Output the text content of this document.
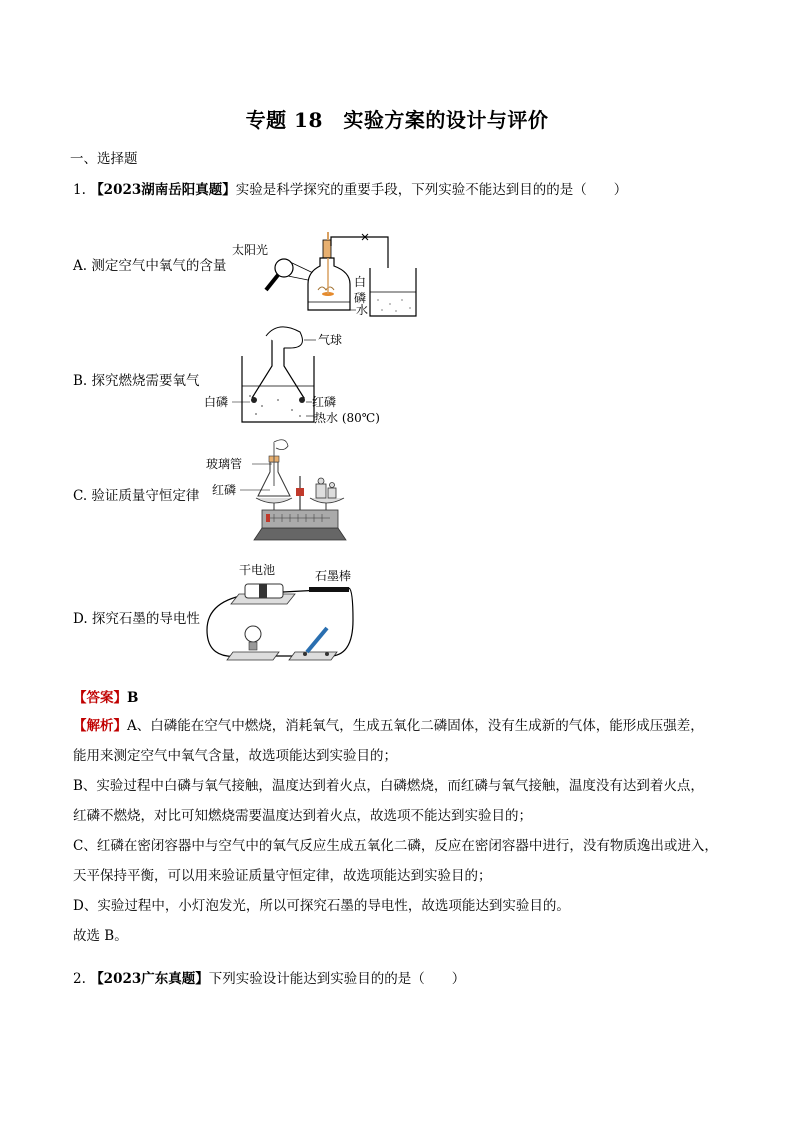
专题 18　实验方案的设计与评价
一、选择题
1. 【2023湖南岳阳真题】实验是科学探究的重要手段，下列实验不能达到目的的是（　　）
A. 测定空气中氧气的含量
太阳光
白
磷
水
B. 探究燃烧需要氧气
气球
白磷	红磷
热水 (80℃)
C. 验证质量守恒定律
玻璃管
红磷
D. 探究石墨的导电性
干电池	石墨棒
【答案】B
【解析】A、白磷能在空气中燃烧，消耗氧气，生成五氧化二磷固体，没有生成新的气体，能形成压强差，
能用来测定空气中氧气含量，故选项能达到实验目的；
B、实验过程中白磷与氧气接触，温度达到着火点，白磷燃烧，而红磷与氧气接触，温度没有达到着火点，
红磷不燃烧，对比可知燃烧需要温度达到着火点，故选项不能达到实验目的；
C、红磷在密闭容器中与空气中的氧气反应生成五氧化二磷，反应在密闭容器中进行，没有物质逸出或进入，
天平保持平衡，可以用来验证质量守恒定律，故选项能达到实验目的；
D、实验过程中，小灯泡发光，所以可探究石墨的导电性，故选项能达到实验目的。
故选 B。
2. 【2023广东真题】下列实验设计能达到实验目的的是（　　）
